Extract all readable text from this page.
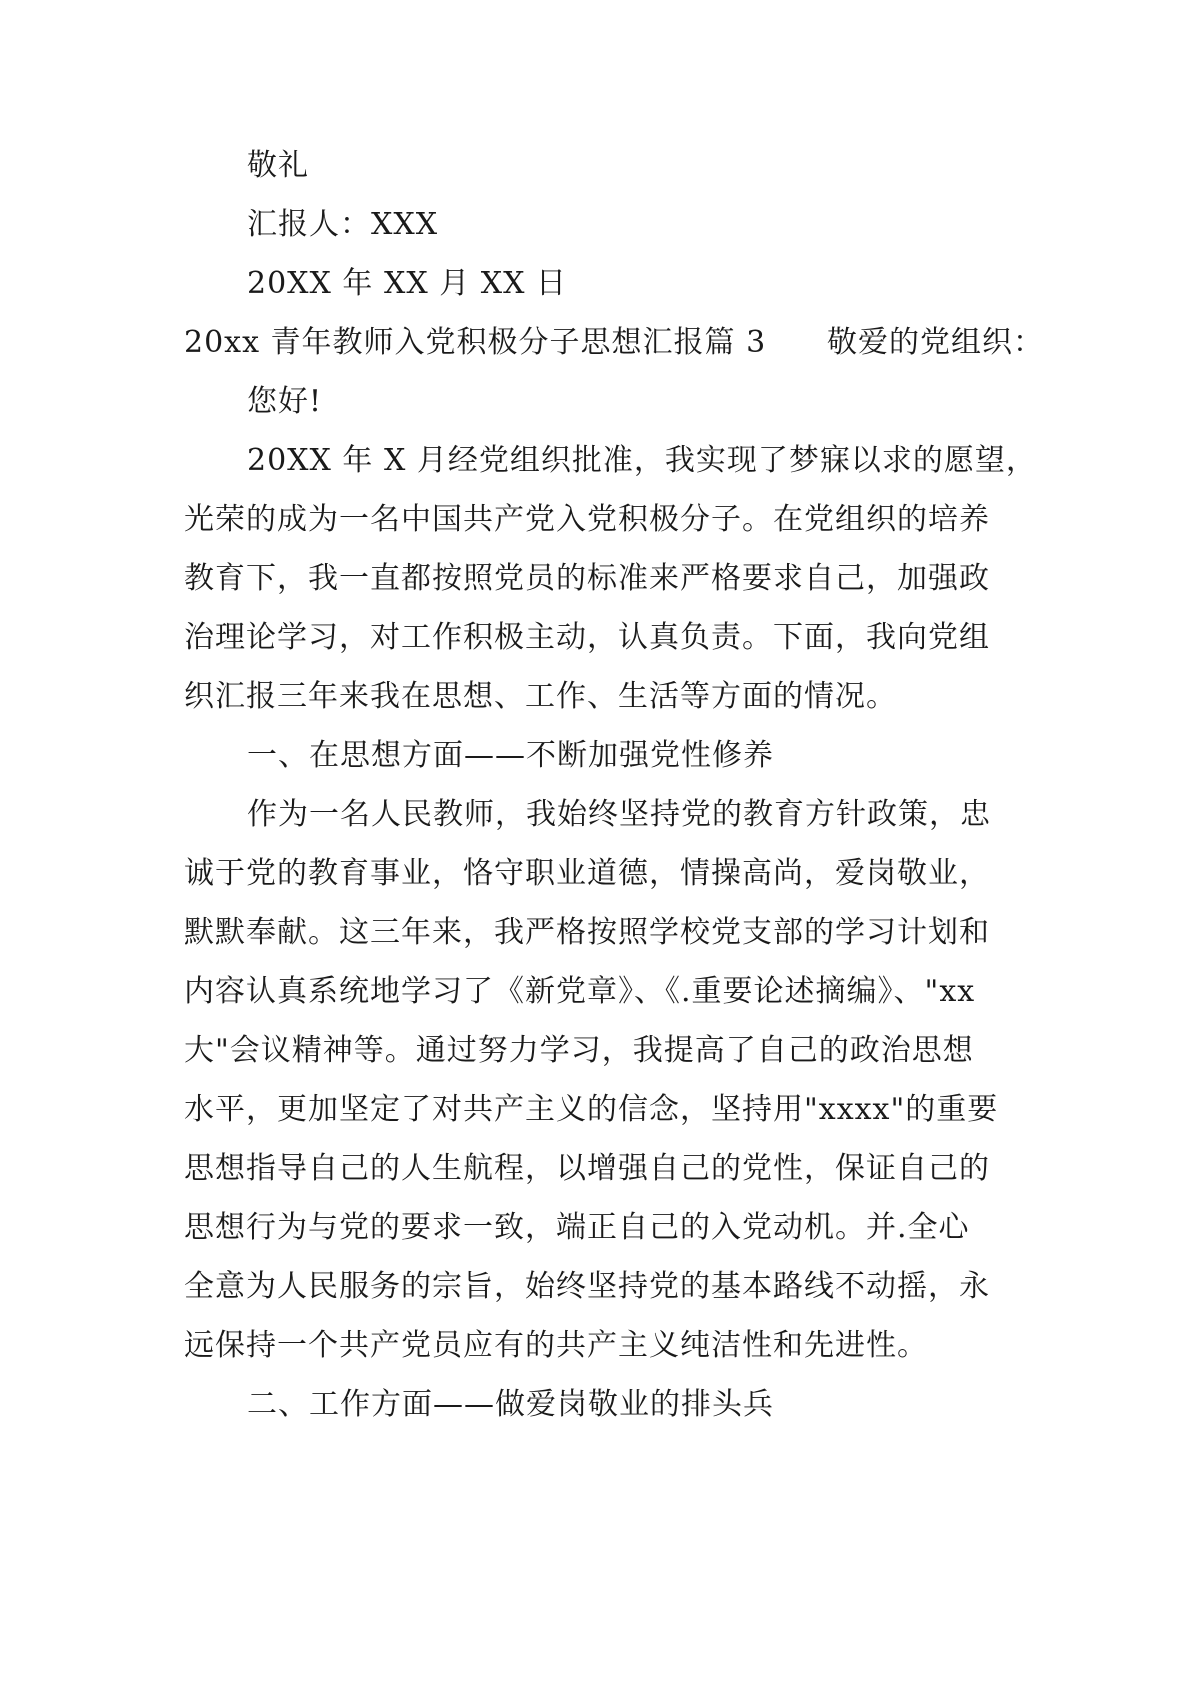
敬礼
汇报人：XXX
20XX 年 XX 月 XX 日
20xx 青年教师入党积极分子思想汇报篇 3 敬爱的党组织：
您好!
20XX 年 X 月经党组织批准，我实现了梦寐以求的愿望，
光荣的成为一名中国共产党入党积极分子。在党组织的培养
教育下，我一直都按照党员的标准来严格要求自己，加强政
治理论学习，对工作积极主动，认真负责。下面，我向党组
织汇报三年来我在思想、工作、生活等方面的情况。
一、在思想方面——不断加强党性修养
作为一名人民教师，我始终坚持党的教育方针政策，忠
诚于党的教育事业，恪守职业道德，情操高尚，爱岗敬业，
默默奉献。这三年来，我严格按照学校党支部的学习计划和
内容认真系统地学习了《新党章》、《.重要论述摘编》、"xx
大"会议精神等。通过努力学习，我提高了自己的政治思想
水平，更加坚定了对共产主义的信念，坚持用"xxxx"的重要
思想指导自己的人生航程，以增强自己的党性，保证自己的
思想行为与党的要求一致，端正自己的入党动机。并.全心
全意为人民服务的宗旨，始终坚持党的基本路线不动摇，永
远保持一个共产党员应有的共产主义纯洁性和先进性。
二、工作方面——做爱岗敬业的排头兵
